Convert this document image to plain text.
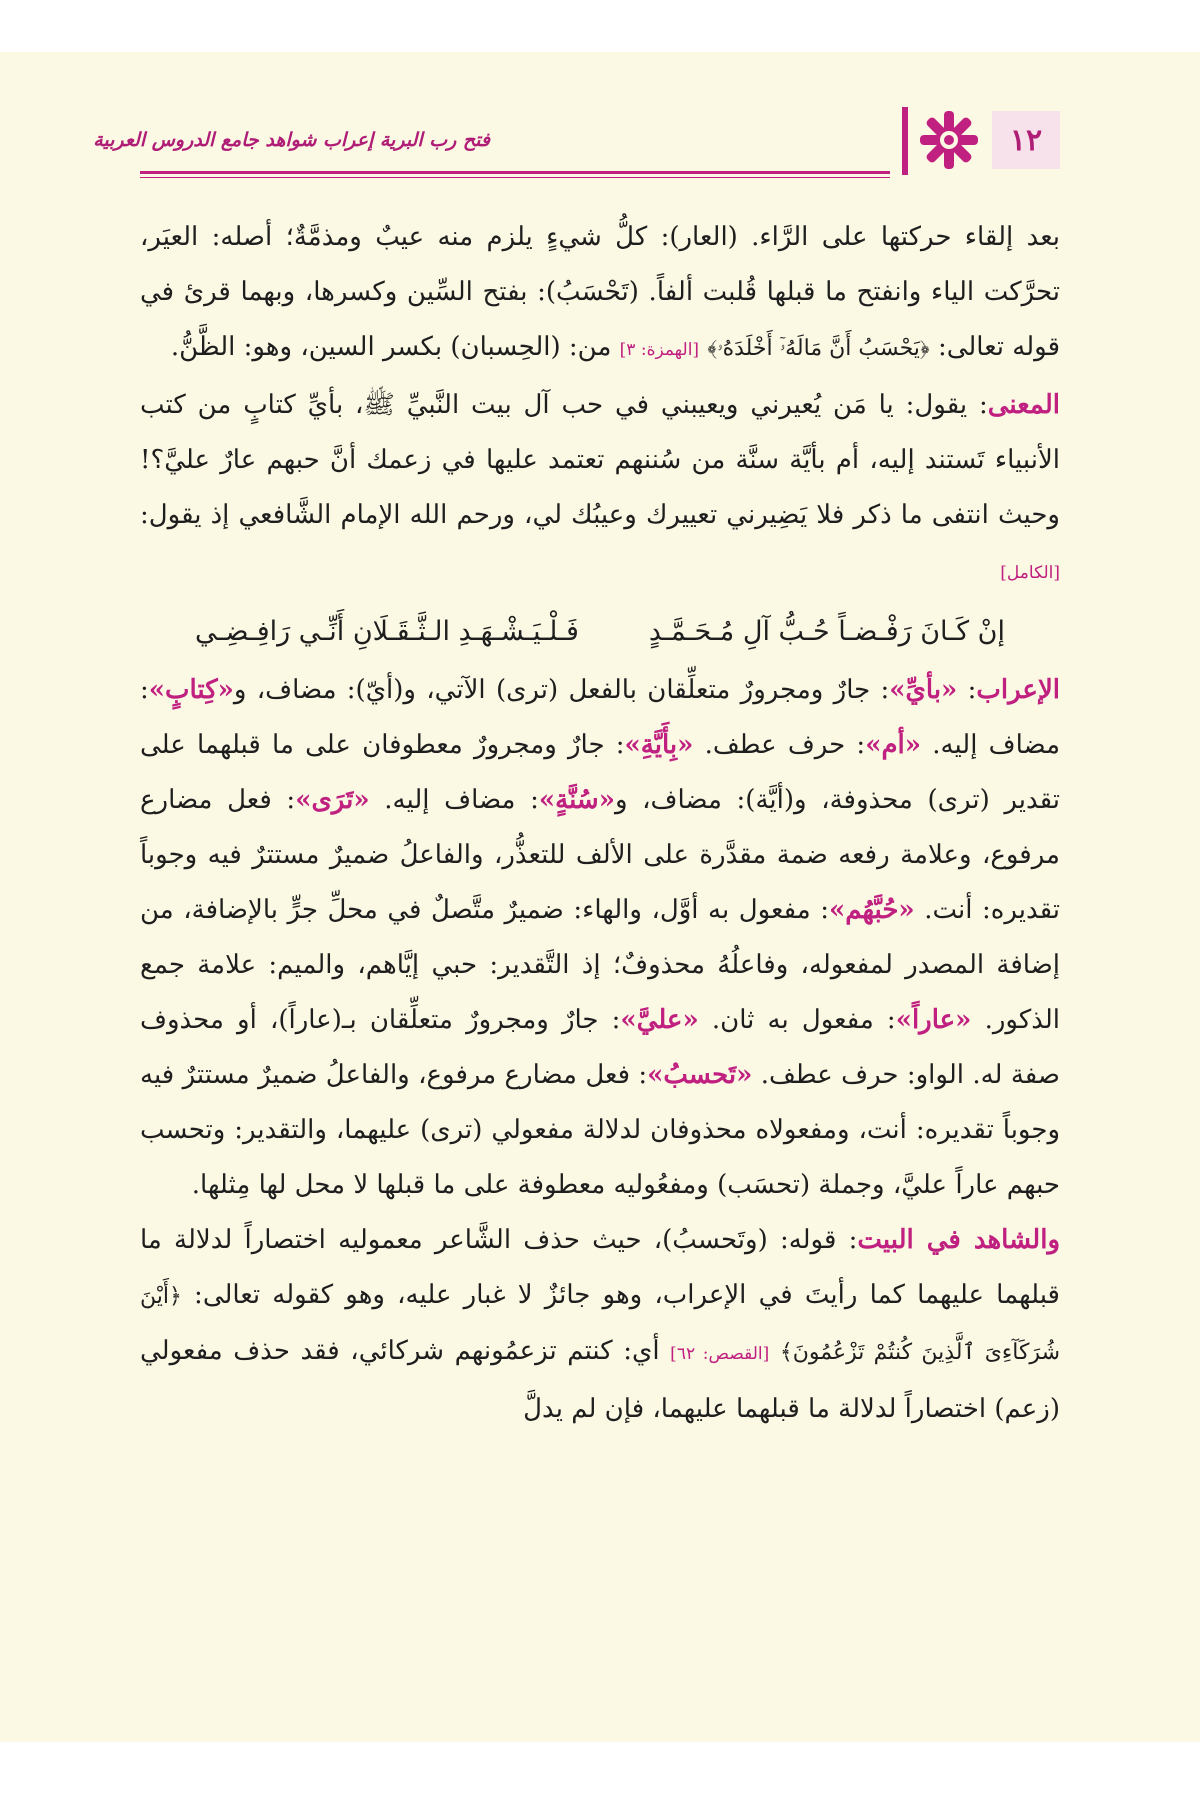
١٢
فتح رب البرية إعراب شواهد جامع الدروس العربية

بعد إلقاء حركتها على الرَّاء. (العار): كلُّ شيءٍ يلزم منه عيبٌ ومذمَّةٌ؛ أصله: العيَر، تحرَّكت الياء وانفتح ما قبلها قُلبت ألفاً. (تَحْسَبُ): بفتح السِّين وكسرها، وبهما قرئ في قوله تعالى: ﴿يَحْسَبُ أَنَّ مَالَهُۥٓ أَخْلَدَهُۥ﴾ [الهمزة: ٣] من: (الحِسبان) بكسر السين، وهو: الظَّنُّ.

المعنى: يقول: يا مَن يُعيرني ويعيبني في حب آل بيت النَّبيِّ ﷺ، بأيِّ كتابٍ من كتب الأنبياء تَستند إليه، أم بأيَّة سنَّة من سُننهم تعتمد عليها في زعمك أنَّ حبهم عارٌ عليَّ؟! وحيث انتفى ما ذكر فلا يَضِيرني تعييرك وعيبُك لي، ورحم الله الإمام الشَّافعي إذ يقول: [الكامل]

إنْ كَـانَ رَفْـضـاً حُـبُّ آلِ مُـحَـمَّـدٍ
فَـلْـيَـشْـهَـدِ الـثَّـقَـلَانِ أَنِّـي رَافِـضِـي

الإعراب: «بأيِّ»: جارٌ ومجرورٌ متعلِّقان بالفعل (ترى) الآتي، و(أيّ): مضاف، و«كِتابٍ»: مضاف إليه. «أم»: حرف عطف. «بِأَيَّةِ»: جارٌ ومجرورٌ معطوفان على ما قبلهما على تقدير (ترى) محذوفة، و(أيَّة): مضاف، و«سُنَّةٍ»: مضاف إليه. «تَرَى»: فعل مضارع مرفوع، وعلامة رفعه ضمة مقدَّرة على الألف للتعذُّر، والفاعلُ ضميرٌ مستترٌ فيه وجوباً تقديره: أنت. «حُبَّهُم»: مفعول به أوَّل، والهاء: ضميرٌ متَّصلٌ في محلِّ جرٍّ بالإضافة، من إضافة المصدر لمفعوله، وفاعلُهُ محذوفٌ؛ إذ التَّقدير: حبي إيَّاهم، والميم: علامة جمع الذكور. «عاراً»: مفعول به ثان. «عليَّ»: جارٌ ومجرورٌ متعلِّقان بـ(عاراً)، أو محذوف صفة له. الواو: حرف عطف. «تَحسبُ»: فعل مضارع مرفوع، والفاعلُ ضميرٌ مستترٌ فيه وجوباً تقديره: أنت، ومفعولاه محذوفان لدلالة مفعولي (ترى) عليهما، والتقدير: وتحسب حبهم عاراً عليَّ، وجملة (تحسَب) ومفعُوليه معطوفة على ما قبلها لا محل لها مِثلها.

والشاهد في البيت: قوله: (وتَحسبُ)، حيث حذف الشَّاعر معموليه اختصاراً لدلالة ما قبلهما عليهما كما رأيتَ في الإعراب، وهو جائزٌ لا غبار عليه، وهو كقوله تعالى: ﴿أَيْنَ شُرَكَآءِىَ ٱلَّذِينَ كُنتُمْ تَزْعُمُونَ﴾ [القصص: ٦٢] أي: كنتم تزعمُونهم شركائي، فقد حذف مفعولي (زعم) اختصاراً لدلالة ما قبلهما عليهما، فإن لم يدلَّ
